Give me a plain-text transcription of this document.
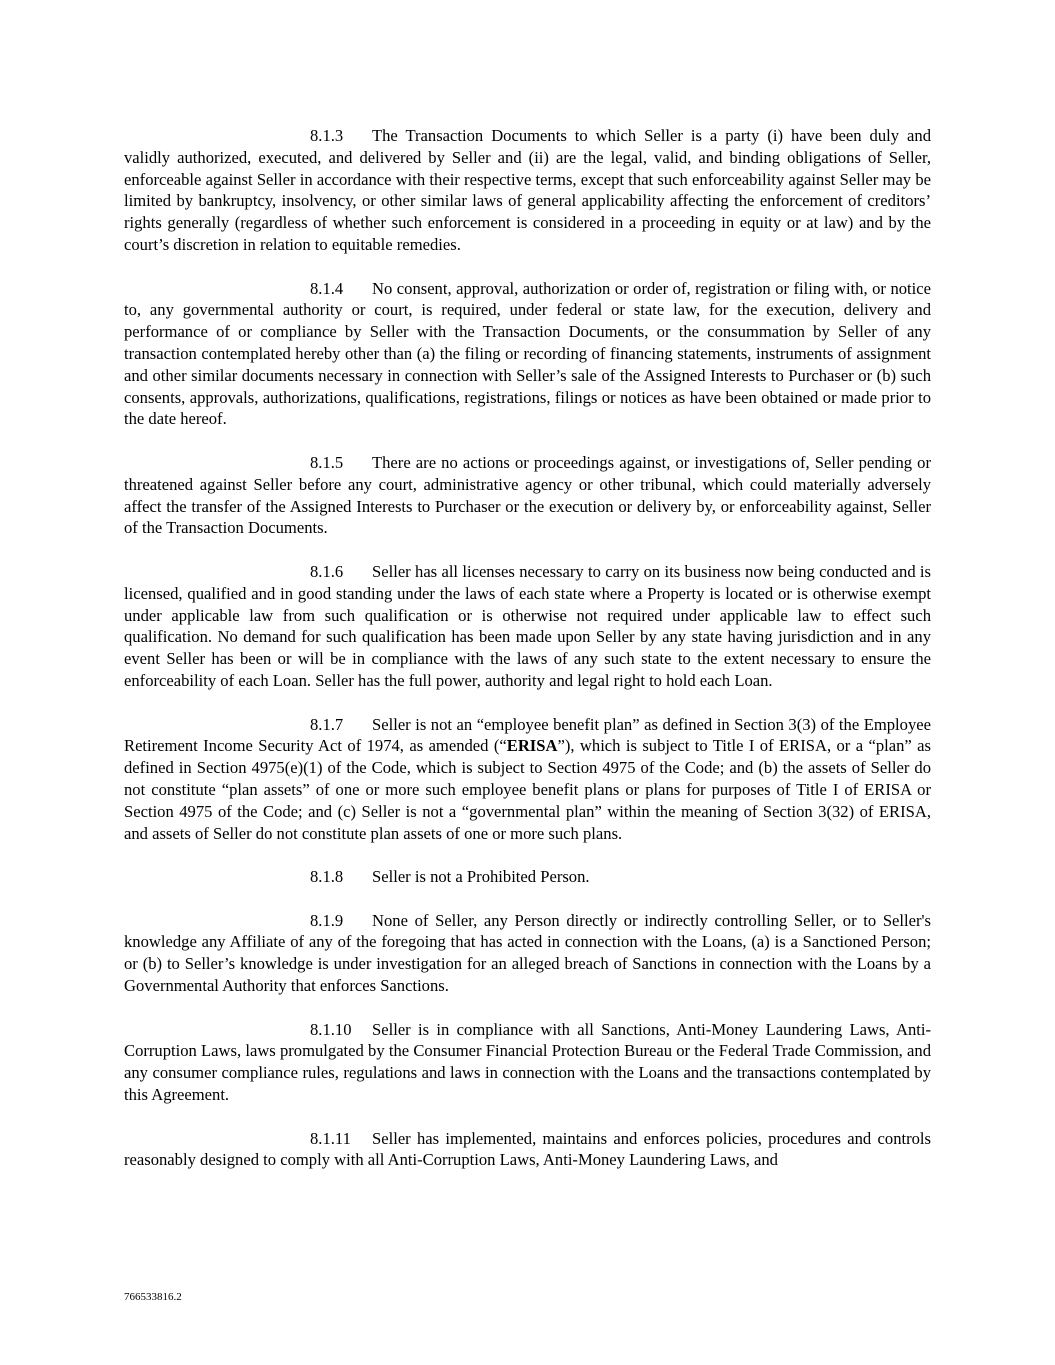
8.1.3 The Transaction Documents to which Seller is a party (i) have been duly and validly authorized, executed, and delivered by Seller and (ii) are the legal, valid, and binding obligations of Seller, enforceable against Seller in accordance with their respective terms, except that such enforceability against Seller may be limited by bankruptcy, insolvency, or other similar laws of general applicability affecting the enforcement of creditors’ rights generally (regardless of whether such enforcement is considered in a proceeding in equity or at law) and by the court’s discretion in relation to equitable remedies.

8.1.4 No consent, approval, authorization or order of, registration or filing with, or notice to, any governmental authority or court, is required, under federal or state law, for the execution, delivery and performance of or compliance by Seller with the Transaction Documents, or the consummation by Seller of any transaction contemplated hereby other than (a) the filing or recording of financing statements, instruments of assignment and other similar documents necessary in connection with Seller’s sale of the Assigned Interests to Purchaser or (b) such consents, approvals, authorizations, qualifications, registrations, filings or notices as have been obtained or made prior to the date hereof.

8.1.5 There are no actions or proceedings against, or investigations of, Seller pending or threatened against Seller before any court, administrative agency or other tribunal, which could materially adversely affect the transfer of the Assigned Interests to Purchaser or the execution or delivery by, or enforceability against, Seller of the Transaction Documents.

8.1.6 Seller has all licenses necessary to carry on its business now being conducted and is licensed, qualified and in good standing under the laws of each state where a Property is located or is otherwise exempt under applicable law from such qualification or is otherwise not required under applicable law to effect such qualification. No demand for such qualification has been made upon Seller by any state having jurisdiction and in any event Seller has been or will be in compliance with the laws of any such state to the extent necessary to ensure the enforceability of each Loan. Seller has the full power, authority and legal right to hold each Loan.

8.1.7 Seller is not an “employee benefit plan” as defined in Section 3(3) of the Employee Retirement Income Security Act of 1974, as amended (“ERISA”), which is subject to Title I of ERISA, or a “plan” as defined in Section 4975(e)(1) of the Code, which is subject to Section 4975 of the Code; and (b) the assets of Seller do not constitute “plan assets” of one or more such employee benefit plans or plans for purposes of Title I of ERISA or Section 4975 of the Code; and (c) Seller is not a “governmental plan” within the meaning of Section 3(32) of ERISA, and assets of Seller do not constitute plan assets of one or more such plans.

8.1.8 Seller is not a Prohibited Person.

8.1.9 None of Seller, any Person directly or indirectly controlling Seller, or to Seller's knowledge any Affiliate of any of the foregoing that has acted in connection with the Loans, (a) is a Sanctioned Person; or (b) to Seller’s knowledge is under investigation for an alleged breach of Sanctions in connection with the Loans by a Governmental Authority that enforces Sanctions.

8.1.10 Seller is in compliance with all Sanctions, Anti-Money Laundering Laws, Anti-Corruption Laws, laws promulgated by the Consumer Financial Protection Bureau or the Federal Trade Commission, and any consumer compliance rules, regulations and laws in connection with the Loans and the transactions contemplated by this Agreement.

8.1.11 Seller has implemented, maintains and enforces policies, procedures and controls reasonably designed to comply with all Anti-Corruption Laws, Anti-Money Laundering Laws, and

766533816.2
